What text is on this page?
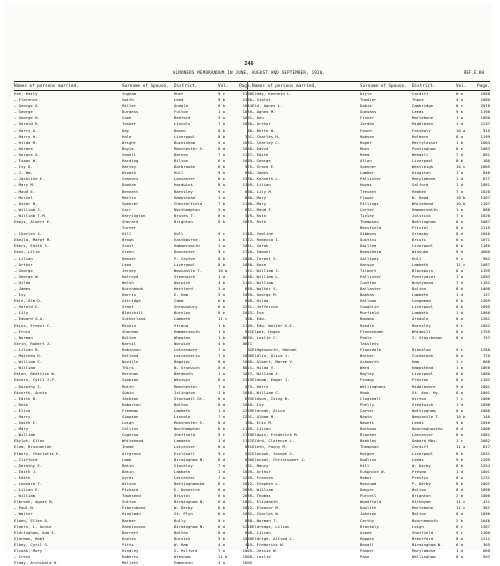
246
ALMONERS MEMORANDUM IN JUNE, AUGUST AND SEPTEMBER, 1920.	REF.E.KH
Names of persons married.	Surname of Spouse.	District.	Vol.	Page.
Eke, Emily	Ingham	Hunt	9 c	1190
— Florence	Smith	Leed	9 b	1480
— George A.	Miller	Andale	8 b	1034
— George	Burgess	Fulton	1 a	1089
— George H.	Cook	Bedford	3 a	1001
— Harold R.	Tasker	Lincoln	7 a	1030
— Harry A.	Day	Bosen	8 b	88
— Harry H.	Hale	Liverpool	8 b	301
— Hilda M.	Wright	Buckinham	5 a	1083
— Horace	Boyle	Manchester S.	8 d	1080
— Horace G.	Sewell	Barnes	7 a	1187
— Isaac W.	Harding	Bilton	6 a	1099
— Ivy D.	Harvey	Barbrooke	6 b	925
— J. Wm.	Wroath	Hull	9 a	830
— Jacoline E.	Connors	Lancaster	8 e	1380
— Mary M.	Doohan	Hardwick	8 a	1399
— Maud E.	Bennett	Barnsley	9 c	688
— Muriel	Martin	Hampstead	1 a	880
— Oscar N.	Spencer	Chesterfield	7 b	1190
— William J.	Carr	Northampton	3 a	881
— William T.M.	Harrington	Bruces T.	8 a	529
Ekeys, Albert E.	Sherard	Brighton	9 b	1079
Turner
— Charles S.	Hill	Hull	9 c	1148
Ekeild, Margt M.	Brown	Eastbourne	1 b	1172
Ekers, Edith S.	Scott	Hammersmith	1 a	1001
Ekes, Lilie	Green	Doncaster	9 c	1728
— Lilian	Hanser	P. Cayton	8 b	1098
— Arthur	Leon	Liverpool	8 b	1080
— George	Jervey	Newcastle T.	10 b	122
— George W.	Holroyd	Greenwich	1 d	1480
— Hilda	Welsh	Norwich	4 b	1182
— James	Burchbank	Hertford	3 a	889
— Ivy	Harris	E. Ham	3 a	1089
Ekin, Alm D.	Attridge	Camm	6 b	808
— Harold E.	Grant	Shrewsbury	6 a	1281
— Lily	Blatchill	Burnley	8 e	1083
— Edward A.A.	Sutherland	Lambeth	11 c	508
Ekins, Ernest C.	Miskin	Strand	1 b	1199
— Ernie	Sharman	Hammersmith	1 a	991
— Norman	Bolton	Wheaton	1 b	8670
Ekrin, Robert J.	Narvil	Norwich	4 b	8871
— Lilian B.	Robinson	Leicesmore	7 a	82
— Matthew R.	Holland	Leicesteria	7 a	1008
— William C.	Neville	Bognier	8 a	1088
— William	Thirs	N. Grunwich	8 d	8821
Ekton, Beatrice W.	Hershan	Barmouth	1 a	1087
Ekvern, Cyril J.P.	Simpson	Westwyn	6 a	1319
— Dorothy I.	Muith	Manchester	7 a	875
Ekvorth, Annie	Swain	Islington	1 b	1840
— Edith B.	Jackson	Stockwell Gt.	8 a	635
— Ross	Robarton	Bolton	8 d	1010
— Eliza	Freeman	Lambeth	1 d	1209
— Harry	Simpson	Lincoln	7 a	1201
— Smith E.	Leigh	Manchester S.	8 d	188
— Mary	Collins	Northampton	8 b	1189
— William	Cogerno	Sheffield	9 c	1189
Ekylot, Ellen	Whitehead	Lambeth	1 d	1197
Elam, Bruznahlah	Ihome	Leicester	8 a	881
Elbery, Charlotte E.	Arrgrove	Ecclesall	9 c	501
— Clifford	Lamb	Birmingham N.	6 d	600
— Dorothy E.	Batin	Stockley	7 a	101
— Edith J.	Batin	Lambeth	1 d	1009
— Edith	Ayres	Leicester	7 a	1209
— Leonard T.	Wilson	Nottinghamshd	8 c	1012
— Lilian E.	Pickard	E. Donestre	8 a	2089
— William	Townsend	Bristol	6 a	2089
Elbrook, Agnes M.	Sutton	Birmingham N.	6 d	1081
— Paul N.	Fibersbone	W. Derby	8 b	1012
— Walter	Hinelman	St. Plyn	6 a	1082
Elden, Ellen A.	Barber	Bully	5 c	888
Elders, L. Annie	Haxhinsone	Birmingham N.	6 d	1216
Eldringham, Ada E.	Barrett	Bolton	8 d	808
Eldrman, Robt	Knoles	Burvick	9 b	1080
Elboy, Cyril G.	Pitts	W. Ham	4 a	449
Elcoak, Mary	Hindley	S. Milford	7 a	1005
— Cresh	Roberts	Wrexham	11 b	1000
Elday, Archibald H.	Mellett	Edmonton	3 a	1099
Names of persons married.	Surname of Spouse.	District.	Vol.	Page.
Elday, Kenneth L.	Diyle	Cardiff	6 a	1060
— Violet	Thadler	Thane	4 a	1080
Eld, Agnes L.	Dobie	Cambridge	8 c	2978
— Agnes M.	Guevans	Leeds	9 b	1198
— Ann	Fisher	Marlebone	1 a	1090
— Arthur	Jordan	Middlesex	1 d	1237
— Berth W.	Fauch	Fastboly	10 a	919
— Charles H.	Hobson	Holborn	8 a	1199
— Charley C.	Roger	Merrylesser	1 b	1003
— David	Moss	Pontingham	8 e	1083
— Edith	Reem	Wenmill	7 a	881
— George	Allen	Liverpool	8 b	180
— Grace E.	Spenner	Westleigh	10 c	1005
— James	Lamber	Kingston	1 a	846
— Kenneth L.	Pallister	Marylebone	1 d	877
— Lilian	Hoyes	Salford	1 d	1081
— Lily M.	Trevent	Redhen	7 a	1020
— Mary	Flower	W. Dead	10 b	1307
— Mary	Pillings	Whitehead	10 b	1107
— Maud F.	Carter	Hammersmith	1 a	888
— Ruth	Tinley	Jolitick	7 a	1020
— Ruth	Thompson	Nottingham	8 e	1087
Bessfield	Pristol	8 a	1219
— Yeoline	Gibbons	Grimsby	8 d	1040
— Rebecca I.	Gustini	Bristi	6 a	1071
— Sarah	Daillea	Liverpool	8 b	1160
— Samuel	Beaucheim	Winsuke	9 d	4000
— Terent S.	Gallipey	Hull	9 c	982
— Rose	Harson	Lambeth	11 c	1087
— William J.	Tilbart	Blackburn	8 a	1199
— William L.	Pallister	Pontrydcot	1 a	1093
— William	Cuntton	Nuntyeoad	7 a	1182
— Walter S.	Ballaster	Bolton	8 d	1000
— George M.	Bakhan	Lambeth	1 d	127
— Hilda	Hallowe	Longmead	8 b	1309
— Jefferina	Coughlin	Liverpool	8 b	1099
— Eva	Murfield	Lambeth	1 d	1080
— Edw.	Bowman	Arndale	8 a	1281
— Edw. Walter G.E.	Rendle	Barnsley	9 c	1002
Elpet, Hugos	Fleneshamh	Whimbill	8 a	1759
— Leslie C.	Poole	S. Stourbeaan	8 a	757
Tasslets
Eldgesworth, Hannah	Flowsdale	Blanklow	9 c	1288
Eldlin, Alice J.	Barker	Cuckbrook	6 a	770
— Albert, Maree V.	Ashworth	Ham	1 c	808
— Hilda V.	Ward	Hampstead	1 a	1060
— William J.	Bayley	Liverpool	8 b	1080
Eldnam, Edgar J.	Fenapy	Preston	8 a	1182
— Harry	Wellinghans	Middlesbro	9 d	1001
— William C.	Hook	St. Ann. Hy.	8 a	1001
Eldson, Iving B.	Clogshall	Kirton	7 c	1000
— Ivy	Phelly	Greatwick	1 d	1098
Eldrodk, Alice	Carter	Nottingham	6 a	1008
— Albam M.	Booth	Newcastle T.	10 b	140
— Eric M.	Newett	Leeds	9 b	1040
— Lilian	Barhaus	Bournnghaxthw	6 d	1006
Eldwis, Frederick M.	Blanket	Lancaster	8 a	1081
Eldrd, Clarence L.	Beakley	Aabard Mbs.	1 c	2082
Eleth, Fanny M.	Thompson	Cardiff	11 a	627
Elocook, Joseph S.	Horgen	Liverpool	8 b	1031
Elocoat, Christopher J.	Dodlins	Leeds	9 b	1209
— Nancy	Hill	W. Derby	8 b	1254
— Arthur	Eusphine W.	Presma	1 d	1001
— Frances	Reber	Prestis	8 a	1231
— Stephen L.	Rescuad	P. Derby	8 b	1001
— William	Dowyer	Bolton	8 d	1098
— Thomas	Purcell	Brighton	2 b	1000
— Elizabeth	Woodfield	Kirkbyme	11 c	421
— Eleanor M.	Dowlith	Marlebone	11 c	381
— Charles W.	Johnson	Bolton	8 d	1090
— Norman T.	Carthy	Bournemouth	2 b	1048
Eldredge, Lilian	Brackely	Leigh	8 c	1307
— Lilian	Armee	Sheffield	9 c	1100
Eldrige, Alfred L.	Hoppey	Brentford	8 a	1211
— Frederick W.	Bonall	Birmingham N.	6 d	365
— Jessie W.	Pauper	Marylabone	1 d	860
— Leslie	Pane	Wellingham	8 a	503
